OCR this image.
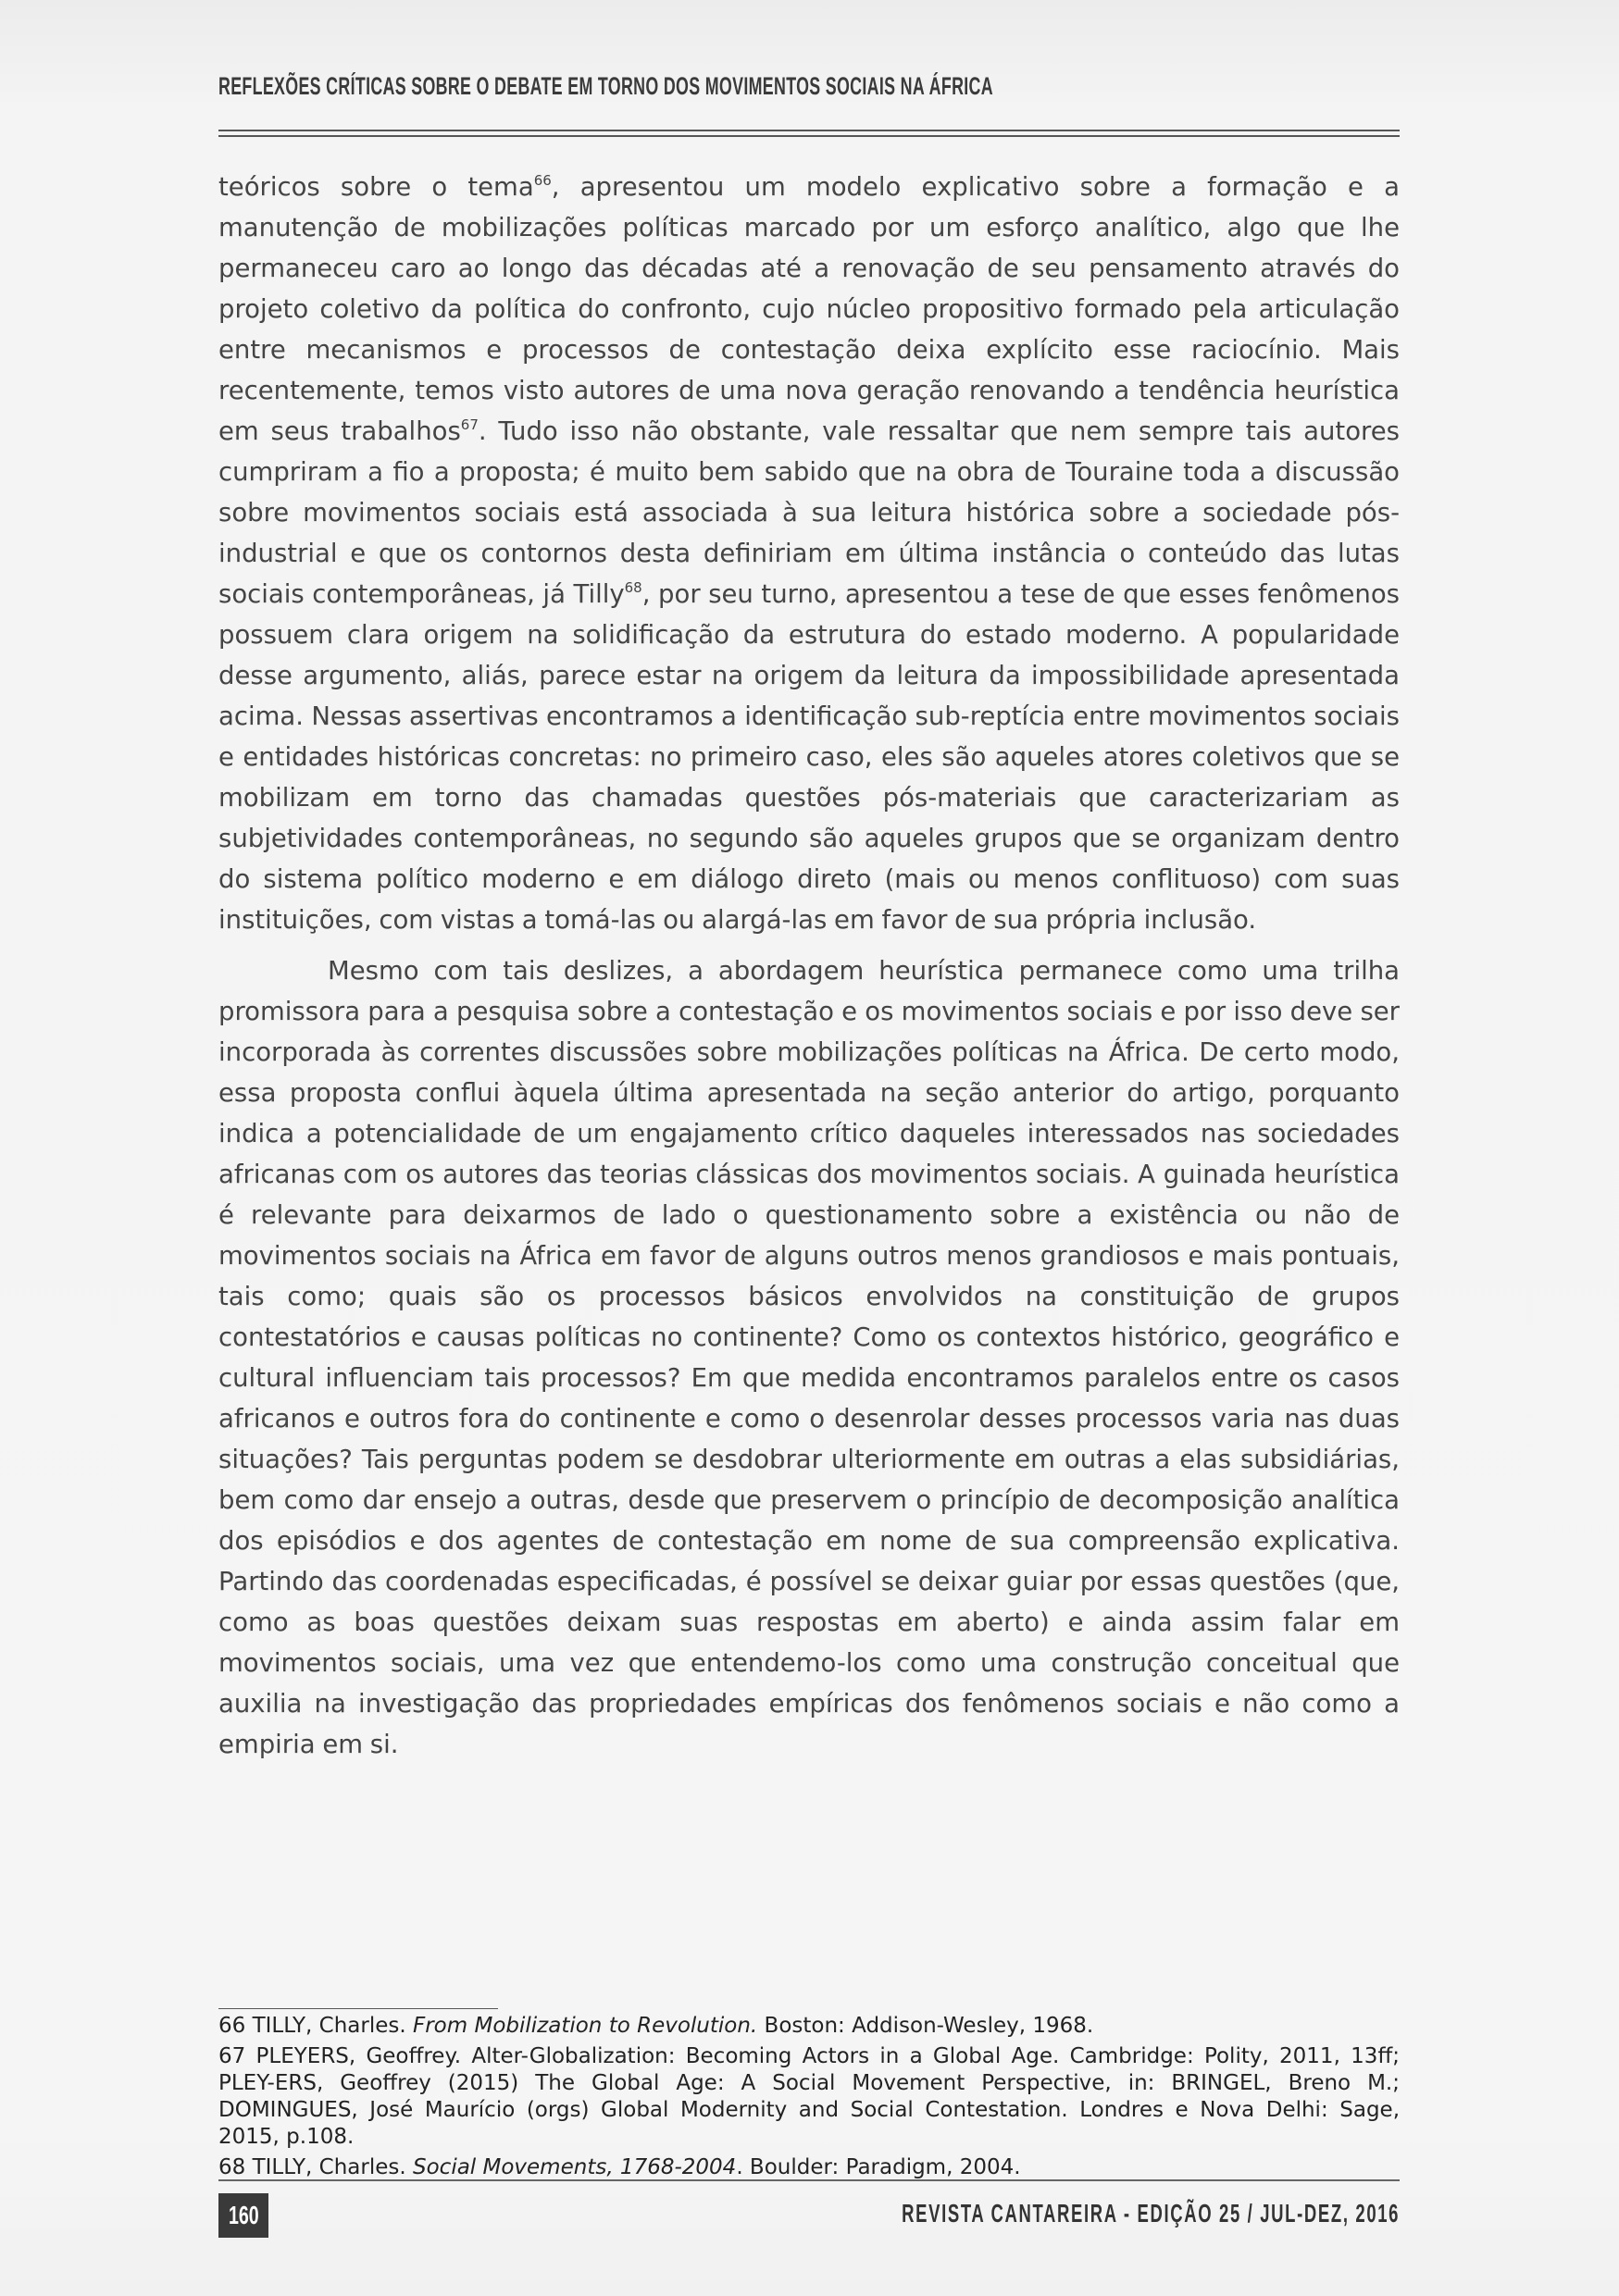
REFLEXÕES CRÍTICAS SOBRE O DEBATE EM TORNO DOS MOVIMENTOS SOCIAIS NA ÁFRICA

teóricos sobre o tema$^{66}$, apresentou um modelo explicativo sobre a formação e a manutenção de mobilizações políticas marcado por um esforço analítico, algo que lhe permaneceu caro ao longo das décadas até a renovação de seu pensamento através do projeto coletivo da política do confronto, cujo núcleo propositivo formado pela articulação entre mecanismos e processos de contestação deixa explícito esse raciocínio. Mais recentemente, temos visto autores de uma nova geração renovando a tendência heurística em seus trabalhos$^{67}$. Tudo isso não obstante, vale ressaltar que nem sempre tais autores cumpriram a fio a proposta; é muito bem sabido que na obra de Touraine toda a discussão sobre movimentos sociais está associada à sua leitura histórica sobre a sociedade pós-industrial e que os contornos desta definiriam em última instância o conteúdo das lutas sociais contemporâneas, já Tilly$^{68}$, por seu turno, apresentou a tese de que esses fenômenos possuem clara origem na solidificação da estrutura do estado moderno. A popularidade desse argumento, aliás, parece estar na origem da leitura da impossibilidade apresentada acima. Nessas assertivas encontramos a identificação sub-reptícia entre movimentos sociais e entidades históricas concretas: no primeiro caso, eles são aqueles atores coletivos que se mobilizam em torno das chamadas questões pós-materiais que caracterizariam as subjetividades contemporâneas, no segundo são aqueles grupos que se organizam dentro do sistema político moderno e em diálogo direto (mais ou menos conflituoso) com suas instituições, com vistas a tomá-las ou alargá-las em favor de sua própria inclusão.

Mesmo com tais deslizes, a abordagem heurística permanece como uma trilha promissora para a pesquisa sobre a contestação e os movimentos sociais e por isso deve ser incorporada às correntes discussões sobre mobilizações políticas na África. De certo modo, essa proposta conflui àquela última apresentada na seção anterior do artigo, porquanto indica a potencialidade de um engajamento crítico daqueles interessados nas sociedades africanas com os autores das teorias clássicas dos movimentos sociais. A guinada heurística é relevante para deixarmos de lado o questionamento sobre a existência ou não de movimentos sociais na África em favor de alguns outros menos grandiosos e mais pontuais, tais como; quais são os processos básicos envolvidos na constituição de grupos contestatórios e causas políticas no continente? Como os contextos histórico, geográfico e cultural influenciam tais processos? Em que medida encontramos paralelos entre os casos africanos e outros fora do continente e como o desenrolar desses processos varia nas duas situações? Tais perguntas podem se desdobrar ulteriormente em outras a elas subsidiárias, bem como dar ensejo a outras, desde que preservem o princípio de decomposição analítica dos episódios e dos agentes de contestação em nome de sua compreensão explicativa. Partindo das coordenadas especificadas, é possível se deixar guiar por essas questões (que, como as boas questões deixam suas respostas em aberto) e ainda assim falar em movimentos sociais, uma vez que entendemo-los como uma construção conceitual que auxilia na investigação das propriedades empíricas dos fenômenos sociais e não como a empiria em si.

66 TILLY, Charles. From Mobilization to Revolution. Boston: Addison-Wesley, 1968.

67 PLEYERS, Geoffrey. Alter-Globalization: Becoming Actors in a Global Age. Cambridge: Polity, 2011, 13ff; PLEY-ERS, Geoffrey (2015) The Global Age: A Social Movement Perspective, in: BRINGEL, Breno M.; DOMINGUES, José Maurício (orgs) Global Modernity and Social Contestation. Londres e Nova Delhi: Sage, 2015, p.108.

68 TILLY, Charles. Social Movements, 1768-2004. Boulder: Paradigm, 2004.

160	REVISTA CANTAREIRA - EDIÇÃO 25 / JUL-DEZ, 2016
